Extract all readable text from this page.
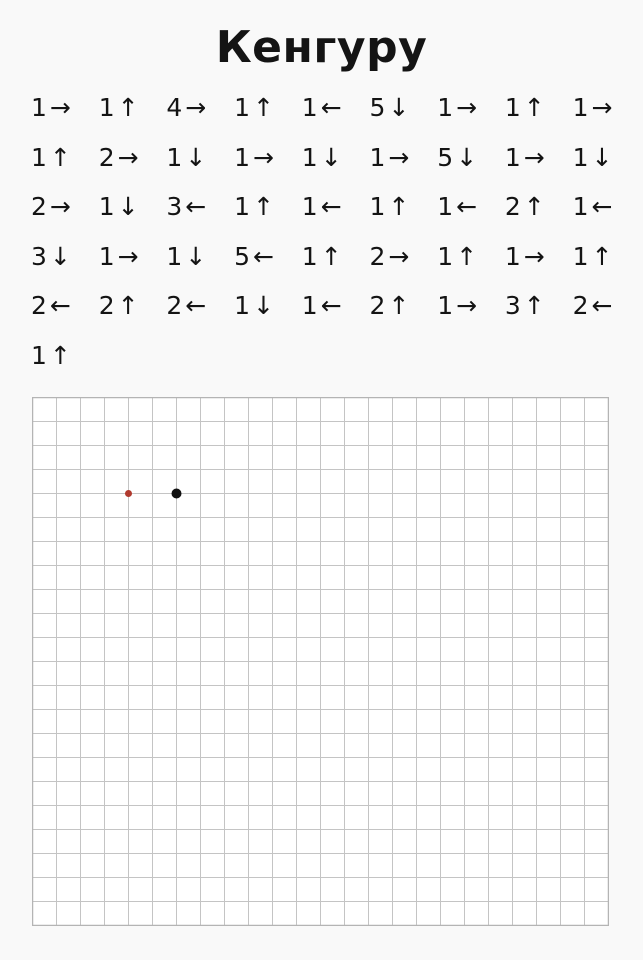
Кенгуру
1 → 1 ↑ 4 → 1 ↑ 1 ← 5 ↓ 1 → 1 ↑ 1 →
1 ↑ 2 → 1 ↓ 1 → 1 ↓ 1 → 5 ↓ 1 → 1 ↓
2 → 1 ↓ 3 ← 1 ↑ 1 ← 1 ↑ 1 ← 2 ↑ 1 ←
3 ↓ 1 → 1 ↓ 5 ← 1 ↑ 2 → 1 ↑ 1 → 1 ↑
2 ← 2 ↑ 2 ← 1 ↓ 1 ← 2 ↑ 1 → 3 ↑ 2 ←
1 ↑
